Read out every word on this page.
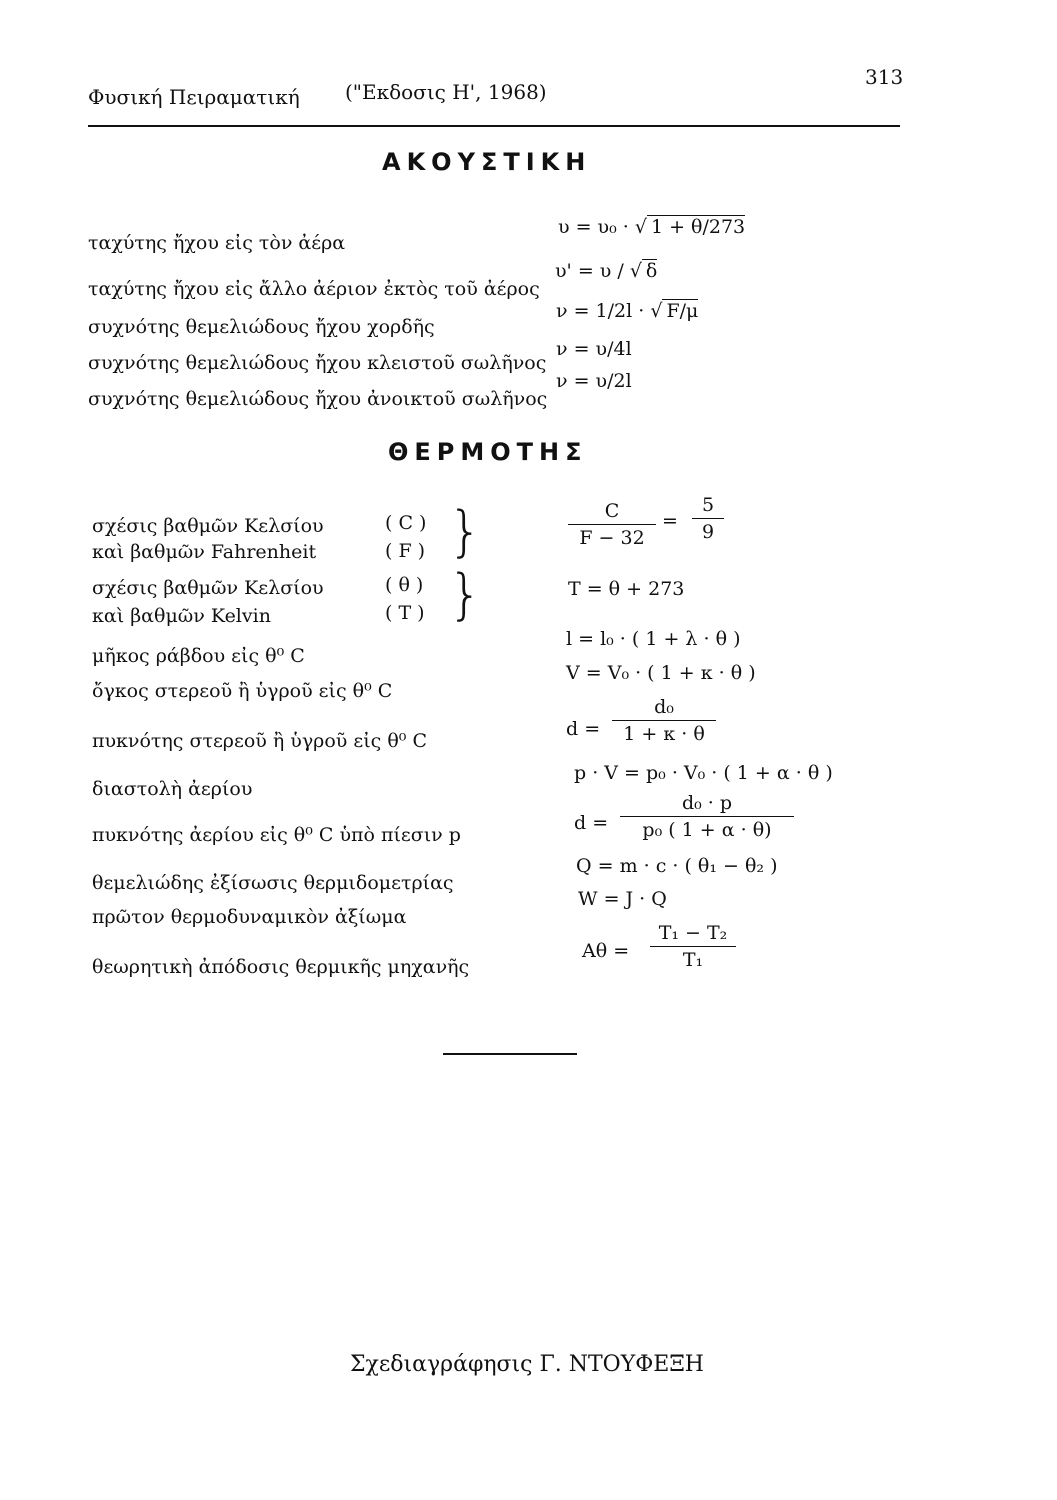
Φυσική Πειραματική ("Εκδοσις Η', 1968)
313
ΑΚΟΥΣΤΙΚΗ
ταχύτης ἤχου εἰς τὸν ἀέρα
υ = υ₀ · √ 1 + θ/273
ταχύτης ἤχου εἰς ἄλλο ἀέριον ἐκτὸς τοῦ ἀέρος
υ' = υ / √ δ
συχνότης θεμελιώδους ἤχου χορδῆς
ν = 1/2l · √ F/μ
συχνότης θεμελιώδους ἤχου κλειστοῦ σωλῆνος
ν = υ/4l
συχνότης θεμελιώδους ἤχου ἀνοικτοῦ σωλῆνος
ν = υ/2l
ΘΕΡΜΟΤΗΣ
σχέσις βαθμῶν Κελσίου
καὶ βαθμῶν Fahrenheit
( C )
( F ) }	C
F − 32
=
5
9
σχέσις βαθμῶν Κελσίου
καὶ βαθμῶν Kelvin
( θ )
( T ) }	T = θ + 273
μῆκος ράβδου εἰς θ⁰ C
l = l₀ · ( 1 + λ · θ )
ὄγκος στερεοῦ ἢ ὑγροῦ εἰς θ⁰ C
V = V₀ · ( 1 + κ · θ )
πυκνότης στερεοῦ ἢ ὑγροῦ εἰς θ⁰ C
d =
d₀
1 + κ · θ
διαστολὴ ἀερίου
p · V = p₀ · V₀ · ( 1 + α · θ )
πυκνότης ἀερίου εἰς θ⁰ C ὑπὸ πίεσιν p
d =
d₀ · p
p₀ ( 1 + α · θ)
θεμελιώδης ἐξίσωσις θερμιδομετρίας
Q = m · c · ( θ₁ − θ₂ )
πρῶτον θερμοδυναμικὸν ἀξίωμα
W = J · Q
θεωρητικὴ ἀπόδοσις θερμικῆς μηχανῆς
Aθ =
T₁ − T₂
T₁
Σχεδιαγράφησις Γ. ΝΤΟΥΦΕΞΗ
